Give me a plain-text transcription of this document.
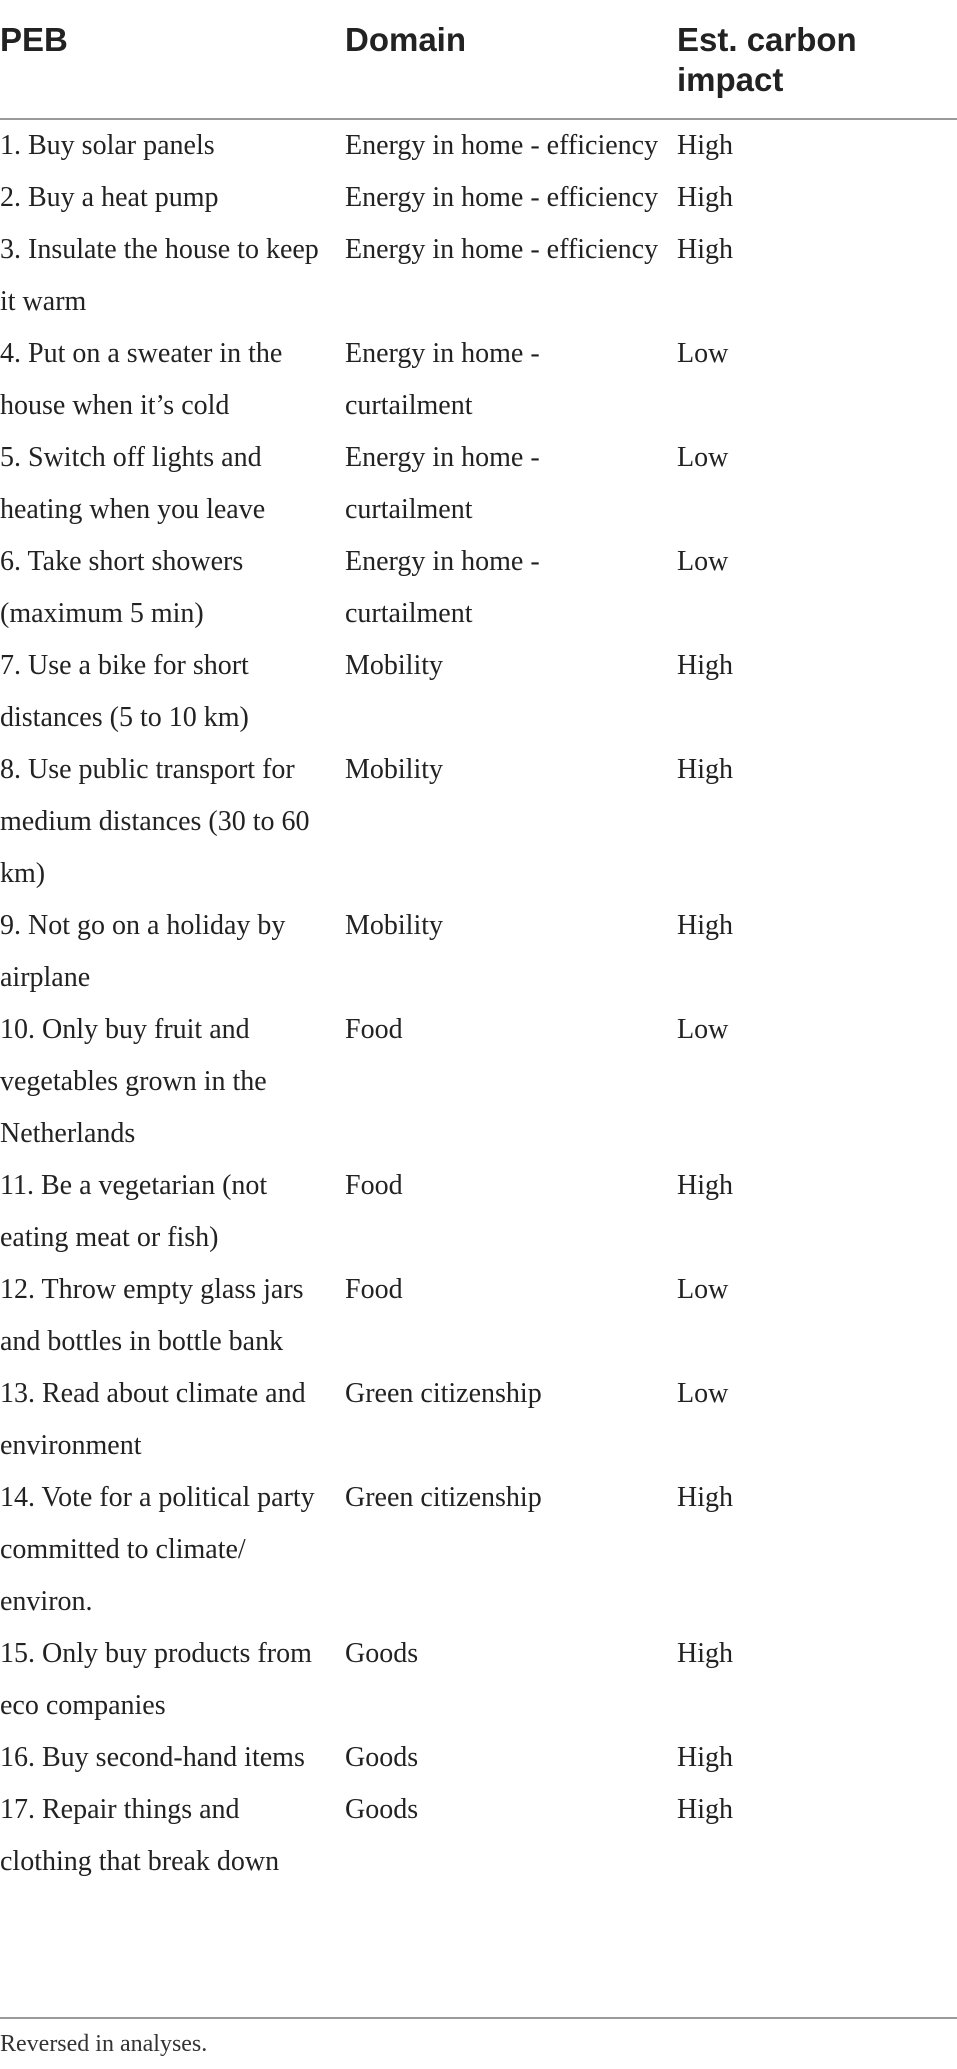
PEB	Domain	Est. carbon impact

1. Buy solar panels	Energy in home - efficiency	High

2. Buy a heat pump	Energy in home - efficiency	High

3. Insulate the house to keep it warm	Energy in home - efficiency	High

4. Put on a sweater in the house when it’s cold	Energy in home - curtailment	Low

5. Switch off lights and heating when you leave	Energy in home - curtailment	Low

6. Take short showers (maximum 5 min)	Energy in home - curtailment	Low

7. Use a bike for short distances (5 to 10 km)	Mobility	High

8. Use public transport for medium distances (30 to 60 km)	Mobility	High

9. Not go on a holiday by airplane	Mobility	High

10. Only buy fruit and vegetables grown in the Netherlands	Food	Low

11. Be a vegetarian (not eating meat or fish)	Food	High

12. Throw empty glass jars and bottles in bottle bank	Food	Low

13. Read about climate and environment	Green citizenship	Low

14. Vote for a political party committed to climate/ environ.	Green citizenship	High

15. Only buy products from eco companies	Goods	High

16. Buy second-hand items	Goods	High

17. Repair things and clothing that break down	Goods	High
Reversed in analyses.
